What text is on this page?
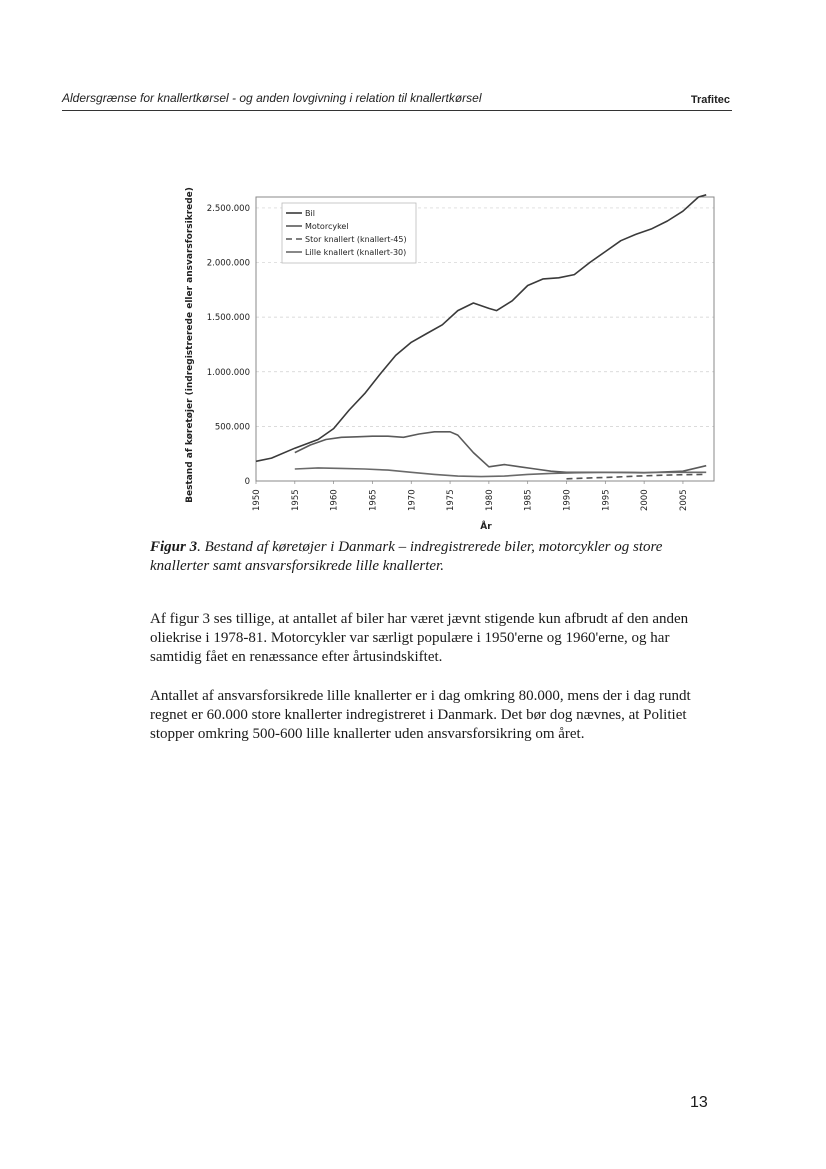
Aldersgrænse for knallertkørsel - og anden lovgivning i relation til knallertkørsel	Trafitec
0
500.000
1.000.000
1.500.000
2.000.000
2.500.000
1950	1955	1960	1965	1970	1975	1980	1985	1990	1995	2000	2005
Bestand af køretøjer (indregistrerede eller ansvarsforsikrede)
År
Bil
Motorcykel
Stor knallert (knallert-45)
Lille knallert (knallert-30)
Figur 3. Bestand af køretøjer i Danmark – indregistrerede biler, motorcykler og store knallerter samt ansvarsforsikrede lille knallerter.

Af figur 3 ses tillige, at antallet af biler har været jævnt stigende kun afbrudt af den anden oliekrise i 1978-81. Motorcykler var særligt populære i 1950'erne og 1960'erne, og har samtidig fået en renæssance efter årtusindskiftet.

Antallet af ansvarsforsikrede lille knallerter er i dag omkring 80.000, mens der i dag rundt regnet er 60.000 store knallerter indregistreret i Danmark. Det bør dog nævnes, at Politiet stopper omkring 500-600 lille knallerter uden ansvarsforsikring om året.

13
